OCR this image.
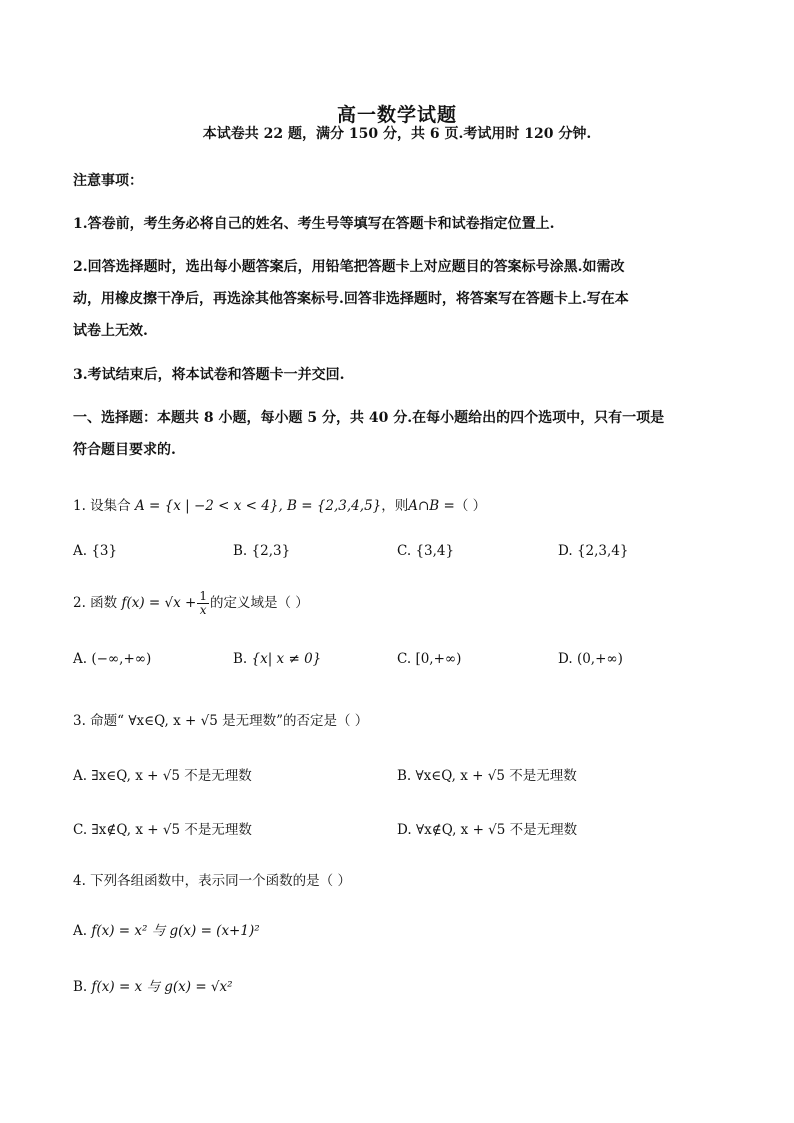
高一数学试题
本试卷共 22 题，满分 150 分，共 6 页.考试用时 120 分钟.
注意事项：
1.答卷前，考生务必将自己的姓名、考生号等填写在答题卡和试卷指定位置上.
2.回答选择题时，选出每小题答案后，用铅笔把答题卡上对应题目的答案标号涂黑.如需改
动，用橡皮擦干净后，再选涂其他答案标号.回答非选择题时，将答案写在答题卡上.写在本
试卷上无效.
3.考试结束后，将本试卷和答题卡一并交回.
一、选择题：本题共 8 小题，每小题 5 分，共 40 分.在每小题给出的四个选项中，只有一项是
符合题目要求的.
1. 设集合 A = {x | −2 < x < 4}, B = {2,3,4,5}，则A∩B =（ ）
A. {3}	B. {2,3}	C. {3,4}	D. {2,3,4}
2. 函数 $f(x) = √x + \frac{1}{x}$ 的定义域是（ ）
A. (−∞,+∞)	B. {x| x ≠ 0}	C. [0,+∞)	D. (0,+∞)
3. 命题“ ∀x∈Q, x + √5 是无理数”的否定是（ ）
A. ∃x∈Q, x + √5 不是无理数	B. ∀x∈Q, x + √5 不是无理数
C. ∃x∉Q, x + √5 不是无理数	D. ∀x∉Q, x + √5 不是无理数
4. 下列各组函数中，表示同一个函数的是（ ）
A. f(x) = x² 与 g(x) = (x+1)²
B. f(x) = x 与 g(x) = √x²
